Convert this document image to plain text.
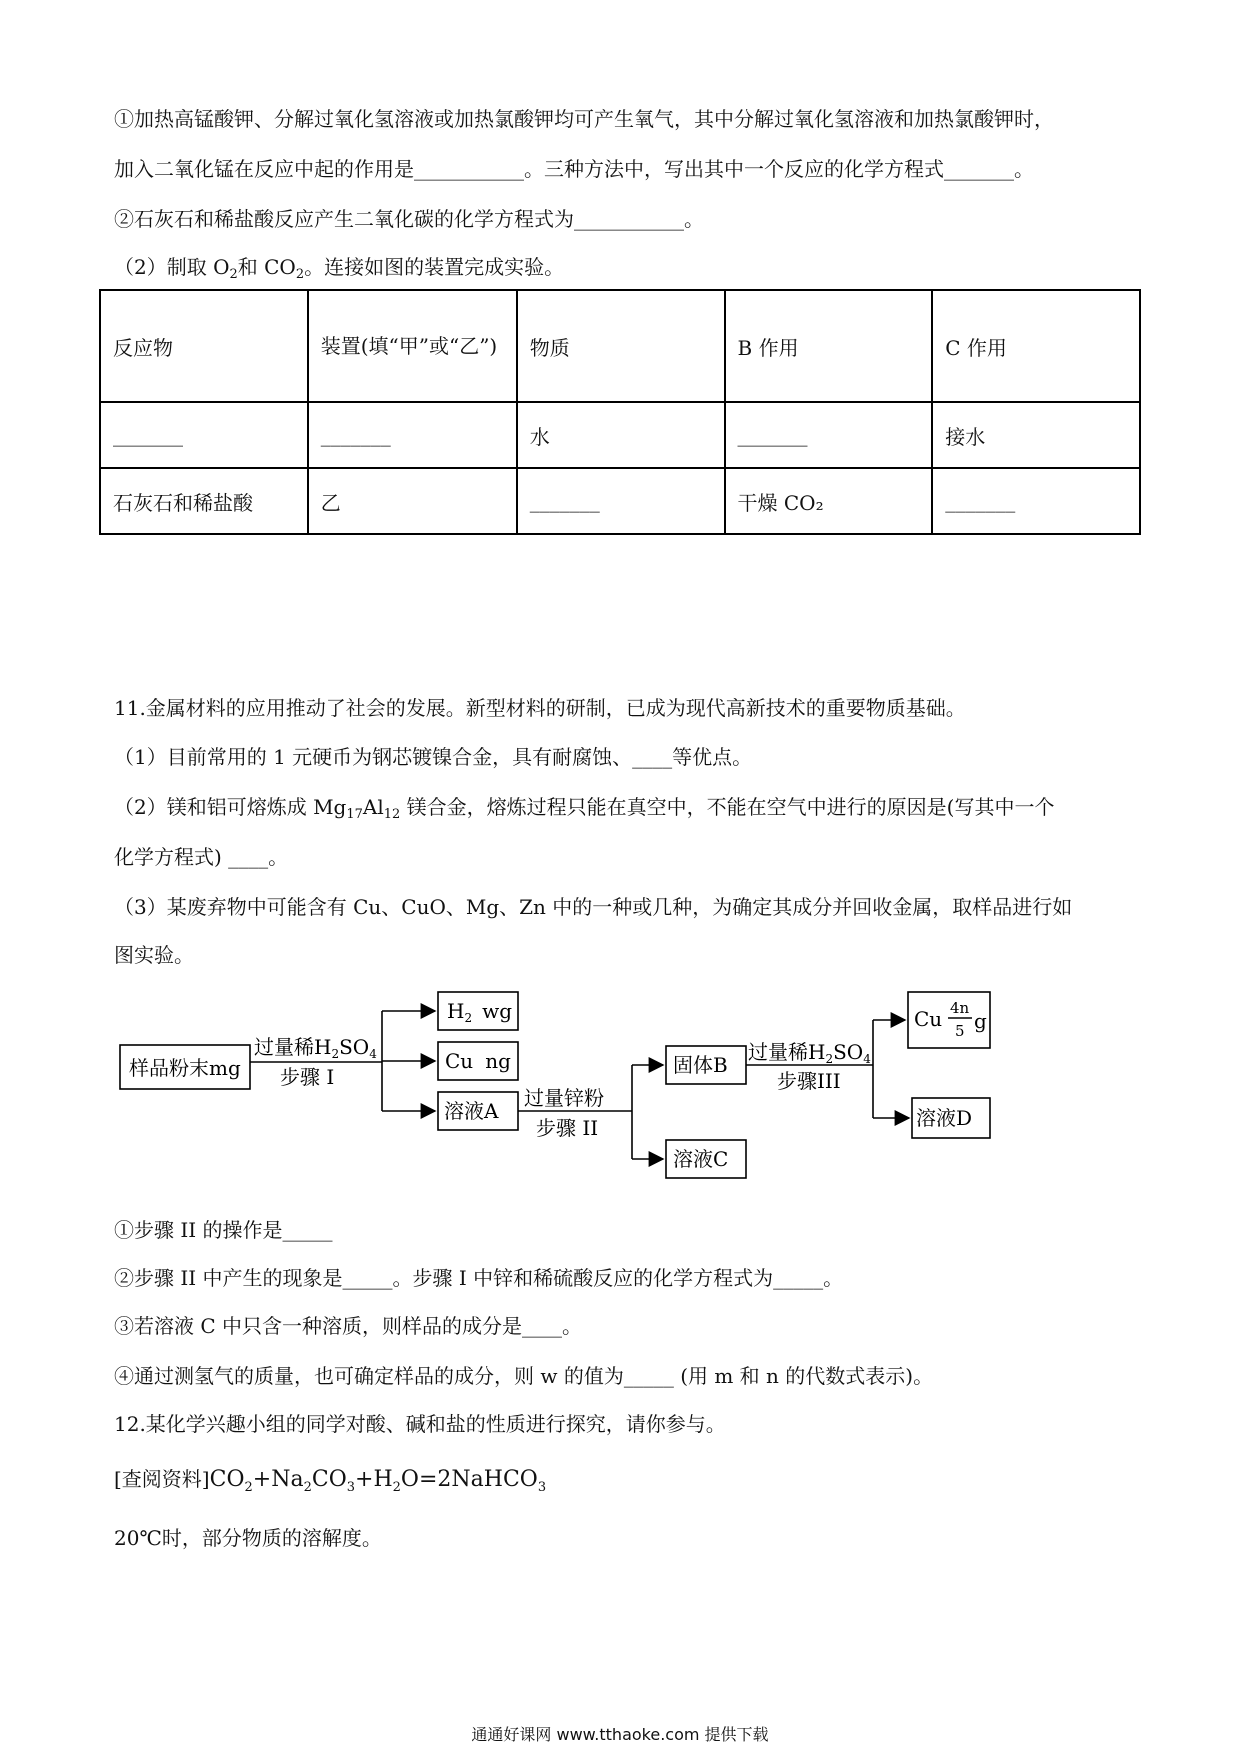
①加热高锰酸钾、分解过氧化氢溶液或加热氯酸钾均可产生氧气，其中分解过氧化氢溶液和加热氯酸钾时，
加入二氧化锰在反应中起的作用是___________。三种方法中，写出其中一个反应的化学方程式_______。
②石灰石和稀盐酸反应产生二氧化碳的化学方程式为___________。
（2）制取 $O_2$和 $CO_2$。连接如图的装置完成实验。
反应物	装置(填“甲”或“乙”)	物质	B 作用	C 作用
_______	_______	水	_______	接水
石灰石和稀盐酸	乙	_______	干燥 CO₂	_______
11.金属材料的应用推动了社会的发展。新型材料的研制，已成为现代高新技术的重要物质基础。
（1）目前常用的 1 元硬币为钢芯镀镍合金，具有耐腐蚀、____等优点。
（2）镁和铝可熔炼成 $Mg_{17}Al_{12}$ 镁合金，熔炼过程只能在真空中，不能在空气中进行的原因是(写其中一个
化学方程式) ____。
（3）某废弃物中可能含有 Cu、CuO、Mg、Zn 中的一种或几种，为确定其成分并回收金属，取样品进行如
图实验。
样品粉末mg
过量稀$H_2SO_4$
步骤 I
$H_2$ wg
Cu ng
溶液A
过量锌粉
步骤 II
固体B
溶液C
过量稀$H_2SO_4$
步骤III
Cu 4n
5 g
溶液D
①步骤 II 的操作是_____
②步骤 II 中产生的现象是_____。步骤 I 中锌和稀硫酸反应的化学方程式为_____。
③若溶液 C 中只含一种溶质，则样品的成分是____。
④通过测氢气的质量，也可确定样品的成分，则 w 的值为_____ (用 m 和 n 的代数式表示)。
12.某化学兴趣小组的同学对酸、碱和盐的性质进行探究，请你参与。
[查阅资料]$CO_2+Na_2CO_3+H_2O=2NaHCO_3$
20℃时，部分物质的溶解度。
通通好课网 www.tthaoke.com 提供下载
